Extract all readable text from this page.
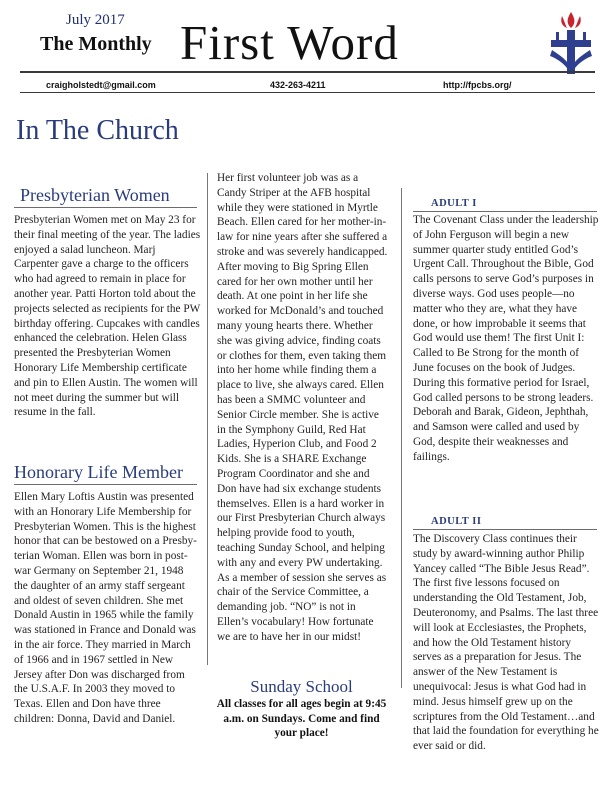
July 2017
The Monthly First Word
craigholstedt@gmail.com	432-263-4211	http://fpcbs.org/
In The Church
Presbyterian Women

Presbyterian Women met on May 23 for their final meeting of the year. The ladies enjoyed a salad luncheon. Marj Carpenter gave a charge to the officers who had agreed to remain in place for another year. Patti Horton told about the projects selected as recipients for the PW birthday offering. Cupcakes with candles enhanced the celebration. Helen Glass presented the Presbyterian Women Honorary Life Membership certificate and pin to Ellen Austin. The women will not meet during the summer but will resume in the fall.

Honorary Life Member

Ellen Mary Loftis Austin was presented with an Honorary Life Membership for Presbyterian Women. This is the highest honor that can be bestowed on a Presby-terian Woman. Ellen was born in post-war Germany on September 21, 1948 the daughter of an army staff sergeant and oldest of seven children. She met Donald Austin in 1965 while the family was stationed in France and Donald was in the air force. They married in March of 1966 and in 1967 settled in New Jersey after Don was discharged from the U.S.A.F. In 2003 they moved to Texas. Ellen and Don have three children: Donna, David and Daniel.

Her first volunteer job was as a Candy Striper at the AFB hospital while they were stationed in Myrtle Beach. Ellen cared for her mother-in-law for nine years after she suffered a stroke and was severely handicapped. After moving to Big Spring Ellen cared for her own mother until her death. At one point in her life she worked for McDonald’s and touched many young hearts there. Whether she was giving advice, finding coats or clothes for them, even taking them into her home while finding them a place to live, she always cared. Ellen has been a SMMC volunteer and Senior Circle member. She is active in the Symphony Guild, Red Hat Ladies, Hyperion Club, and Food 2 Kids. She is a SHARE Exchange Program Coordinator and she and Don have had six exchange students themselves. Ellen is a hard worker in our First Presbyterian Church always helping provide food to youth, teaching Sunday School, and helping with any and every PW undertaking. As a member of session she serves as chair of the Service Committee, a demanding job. “NO” is not in Ellen’s vocabulary! How fortunate we are to have her in our midst!

Sunday School
All classes for all ages begin at 9:45 a.m. on Sundays. Come and find your place!
ADULT I

The Covenant Class under the leadership of John Ferguson will begin a new summer quarter study entitled God’s Urgent Call. Throughout the Bible, God calls persons to serve God’s purposes in diverse ways. God uses people—no matter who they are, what they have done, or how improbable it seems that God would use them! The first Unit I: Called to Be Strong for the month of June focuses on the book of Judges. During this formative period for Israel, God called persons to be strong leaders. Deborah and Barak, Gideon, Jephthah, and Samson were called and used by God, despite their weaknesses and failings.

ADULT II

The Discovery Class continues their study by award-winning author Philip Yancey called “The Bible Jesus Read”. The first five lessons focused on understanding the Old Testament, Job, Deuteronomy, and Psalms. The last three will look at Ecclesiastes, the Prophets, and how the Old Testament history serves as a preparation for Jesus. The answer of the New Testament is unequivocal: Jesus is what God had in mind. Jesus himself grew up on the scriptures from the Old Testament…and that laid the foundation for everything he ever said or did.
